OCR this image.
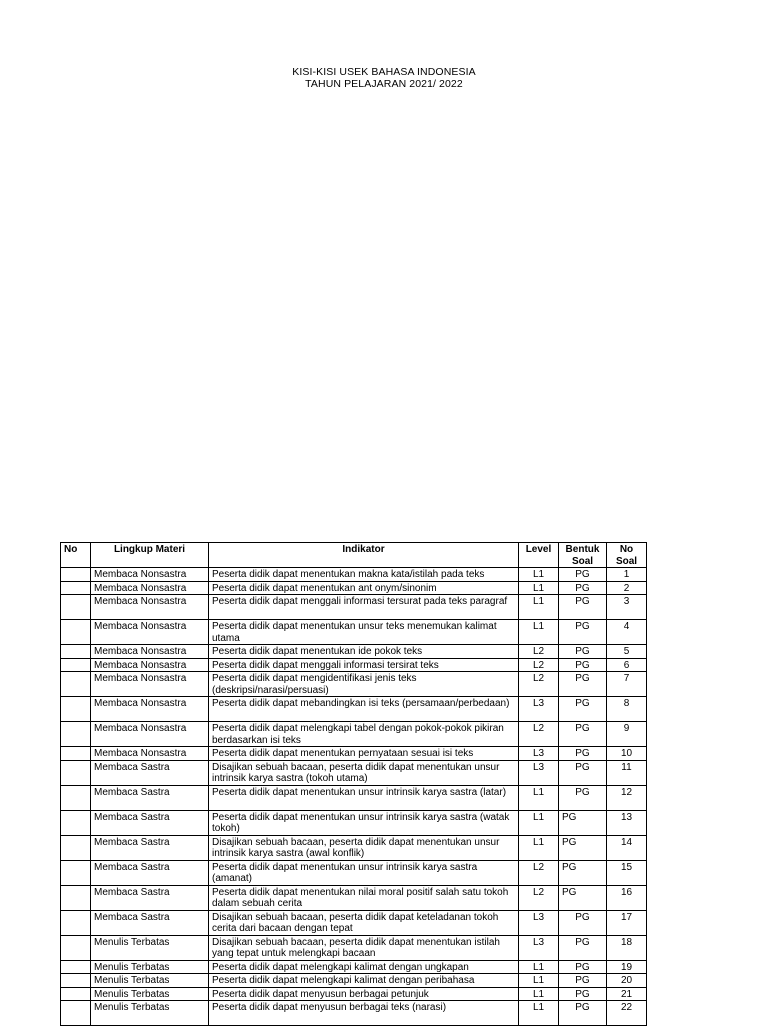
KISI-KISI USEK BAHASA INDONESIA
TAHUN PELAJARAN 2021/ 2022
No	Lingkup Materi	Indikator	Level	Bentuk Soal	No Soal
	Membaca Nonsastra	Peserta didik dapat menentukan makna kata/istilah pada teks	L1	PG	1
	Membaca Nonsastra	Peserta didik dapat menentukan ant onym/sinonim	L1	PG	2
	Membaca Nonsastra	Peserta didik dapat menggali informasi tersurat pada teks paragraf	L1	PG	3
	Membaca Nonsastra	Peserta didik dapat menentukan unsur teks menemukan kalimat utama	L1	PG	4
	Membaca Nonsastra	Peserta didik dapat menentukan ide pokok teks	L2	PG	5
	Membaca Nonsastra	Peserta didik dapat menggali informasi tersirat teks	L2	PG	6
	Membaca Nonsastra	Peserta didik dapat mengidentifikasi jenis teks (deskripsi/narasi/persuasi)	L2	PG	7
	Membaca Nonsastra	Peserta didik dapat mebandingkan isi teks (persamaan/perbedaan)	L3	PG	8
	Membaca Nonsastra	Peserta didik dapat melengkapi tabel dengan pokok-pokok pikiran berdasarkan isi teks	L2	PG	9
	Membaca Nonsastra	Peserta didik dapat menentukan pernyataan sesuai isi teks	L3	PG	10
	Membaca Sastra	Disajikan sebuah bacaan, peserta didik dapat menentukan unsur intrinsik karya sastra (tokoh utama)	L3	PG	11
	Membaca Sastra	Peserta didik dapat menentukan unsur intrinsik karya sastra (latar)	L1	PG	12
	Membaca Sastra	Peserta didik dapat menentukan unsur intrinsik karya sastra (watak tokoh)	L1	PG	13
	Membaca Sastra	Disajikan sebuah bacaan, peserta didik dapat menentukan unsur intrinsik karya sastra (awal konflik)	L1	PG	14
	Membaca Sastra	Peserta didik dapat menentukan unsur intrinsik karya sastra (amanat)	L2	PG	15
	Membaca Sastra	Peserta didik dapat menentukan nilai moral positif salah satu tokoh dalam sebuah cerita	L2	PG	16
	Membaca Sastra	Disajikan sebuah bacaan, peserta didik dapat keteladanan tokoh cerita dari bacaan dengan tepat	L3	PG	17
	Menulis Terbatas	Disajikan sebuah bacaan, peserta didik dapat menentukan istilah yang tepat untuk melengkapi bacaan	L3	PG	18
	Menulis Terbatas	Peserta didik dapat melengkapi kalimat dengan ungkapan	L1	PG	19
	Menulis Terbatas	Peserta didik dapat melengkapi kalimat dengan peribahasa	L1	PG	20
	Menulis Terbatas	Peserta didik dapat menyusun berbagai petunjuk	L1	PG	21
	Menulis Terbatas	Peserta didik dapat menyusun berbagai teks (narasi)	L1	PG	22
